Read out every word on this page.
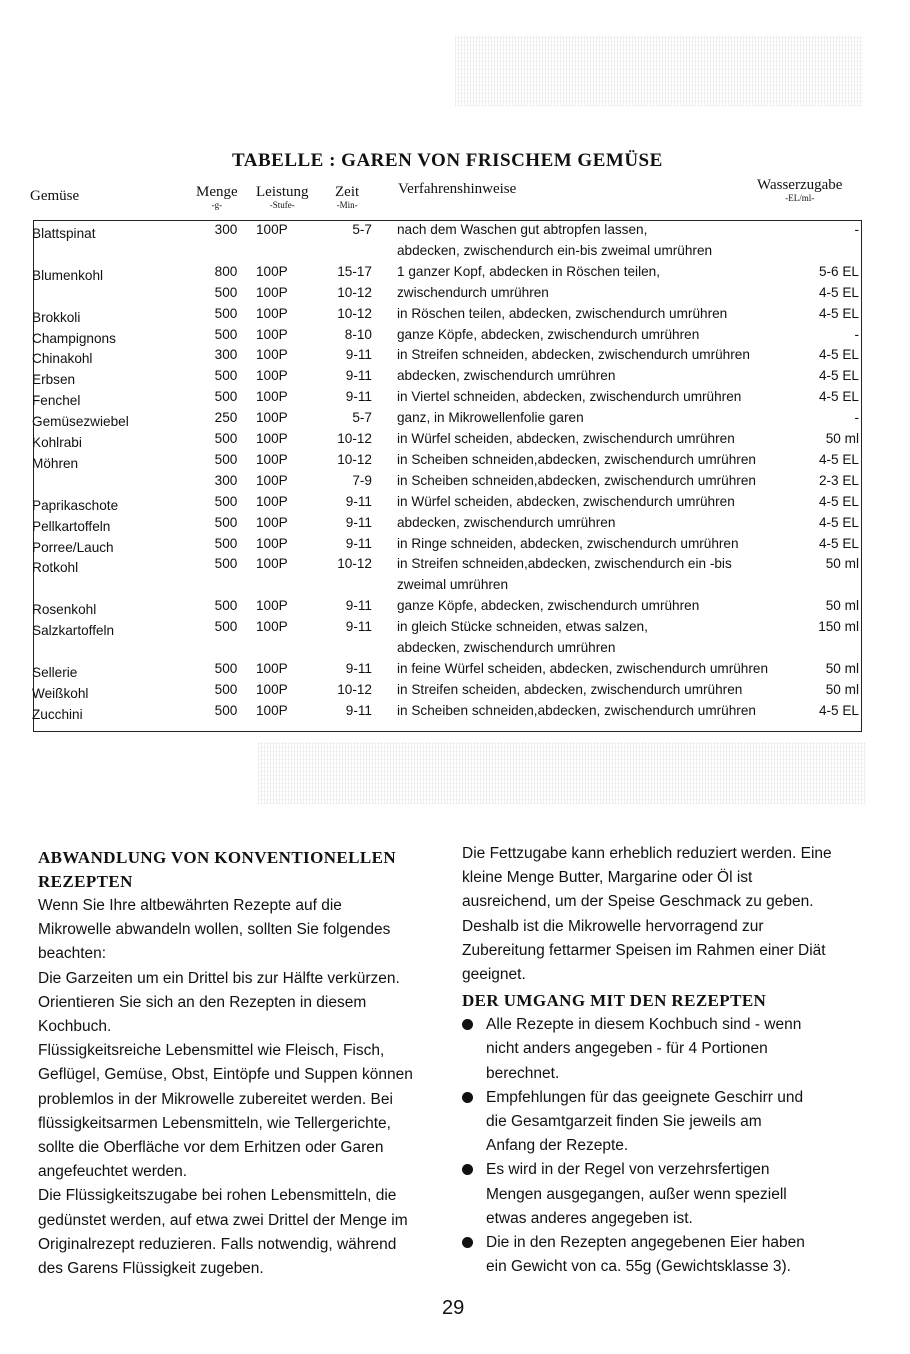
TABELLE : GAREN VON FRISCHEM GEMÜSE
Gemüse	Menge
-g-
Leistung
-Stufe-
Zeit
-Min-
Verfahrenshinweise	Wasserzugabe
-EL/ml-
Blattspinat	300	100P	5-7 nach dem Waschen gut abtropfen lassen,	-
abdecken, zwischendurch ein-bis zweimal umrühren
Blumenkohl	800	100P	15-17 1 ganzer Kopf, abdecken in Röschen teilen,	5-6 EL
500	100P	10-12 zwischendurch umrühren	4-5 EL
Brokkoli	500	100P	10-12 in Röschen teilen, abdecken, zwischendurch umrühren	4-5 EL
Champignons	500	100P	8-10 ganze Köpfe, abdecken, zwischendurch umrühren	-
Chinakohl	300	100P	9-11 in Streifen schneiden, abdecken, zwischendurch umrühren	4-5 EL
Erbsen	500	100P	9-11 abdecken, zwischendurch umrühren	4-5 EL
Fenchel	500	100P	9-11 in Viertel schneiden, abdecken, zwischendurch umrühren	4-5 EL
Gemüsezwiebel	250	100P	5-7 ganz, in Mikrowellenfolie garen	-
Kohlrabi	500	100P	10-12 in Würfel scheiden, abdecken, zwischendurch umrühren	50 ml
Möhren	500	100P	10-12 in Scheiben schneiden,abdecken, zwischendurch umrühren	4-5 EL
300	100P	7-9 in Scheiben schneiden,abdecken, zwischendurch umrühren	2-3 EL
Paprikaschote	500	100P	9-11 in Würfel scheiden, abdecken, zwischendurch umrühren	4-5 EL
Pellkartoffeln	500	100P	9-11 abdecken, zwischendurch umrühren	4-5 EL
Porree/Lauch	500	100P	9-11 in Ringe schneiden, abdecken, zwischendurch umrühren	4-5 EL
Rotkohl	500	100P	10-12 in Streifen schneiden,abdecken, zwischendurch ein -bis	50 ml
zweimal umrühren
Rosenkohl	500	100P	9-11 ganze Köpfe, abdecken, zwischendurch umrühren	50 ml
Salzkartoffeln	500	100P	9-11 in gleich Stücke schneiden, etwas salzen,	150 ml
abdecken, zwischendurch umrühren
Sellerie	500	100P	9-11 in feine Würfel scheiden, abdecken, zwischendurch umrühren	50 ml
Weißkohl	500	100P	10-12 in Streifen scheiden, abdecken, zwischendurch umrühren	50 ml
Zucchini	500	100P	9-11 in Scheiben schneiden,abdecken, zwischendurch umrühren	4-5 EL
ABWANDLUNG VON KONVENTIONELLEN
REZEPTEN

Wenn Sie Ihre altbewährten Rezepte auf die

Mikrowelle abwandeln wollen, sollten Sie folgendes

beachten:

Die Garzeiten um ein Drittel bis zur Hälfte verkürzen.

Orientieren Sie sich an den Rezepten in diesem

Kochbuch.

Flüssigkeitsreiche Lebensmittel wie Fleisch, Fisch,

Geflügel, Gemüse, Obst, Eintöpfe und Suppen können

problemlos in der Mikrowelle zubereitet werden. Bei

flüssigkeitsarmen Lebensmitteln, wie Tellergerichte,

sollte die Oberfläche vor dem Erhitzen oder Garen

angefeuchtet werden.

Die Flüssigkeitszugabe bei rohen Lebensmitteln, die

gedünstet werden, auf etwa zwei Drittel der Menge im

Originalrezept reduzieren. Falls notwendig, während

des Garens Flüssigkeit zugeben.

Die Fettzugabe kann erheblich reduziert werden. Eine

kleine Menge Butter, Margarine oder Öl ist

ausreichend, um der Speise Geschmack zu geben.

Deshalb ist die Mikrowelle hervorragend zur

Zubereitung fettarmer Speisen im Rahmen einer Diät

geeignet.

DER UMGANG MIT DEN REZEPTEN

Alle Rezepte in diesem Kochbuch sind - wenn

nicht anders angegeben - für 4 Portionen

berechnet.

Empfehlungen für das geeignete Geschirr und

die Gesamtgarzeit finden Sie jeweils am

Anfang der Rezepte.

Es wird in der Regel von verzehrsfertigen

Mengen ausgegangen, außer wenn speziell

etwas anderes angegeben ist.

Die in den Rezepten angegebenen Eier haben

ein Gewicht von ca. 55g (Gewichtsklasse 3).

29
